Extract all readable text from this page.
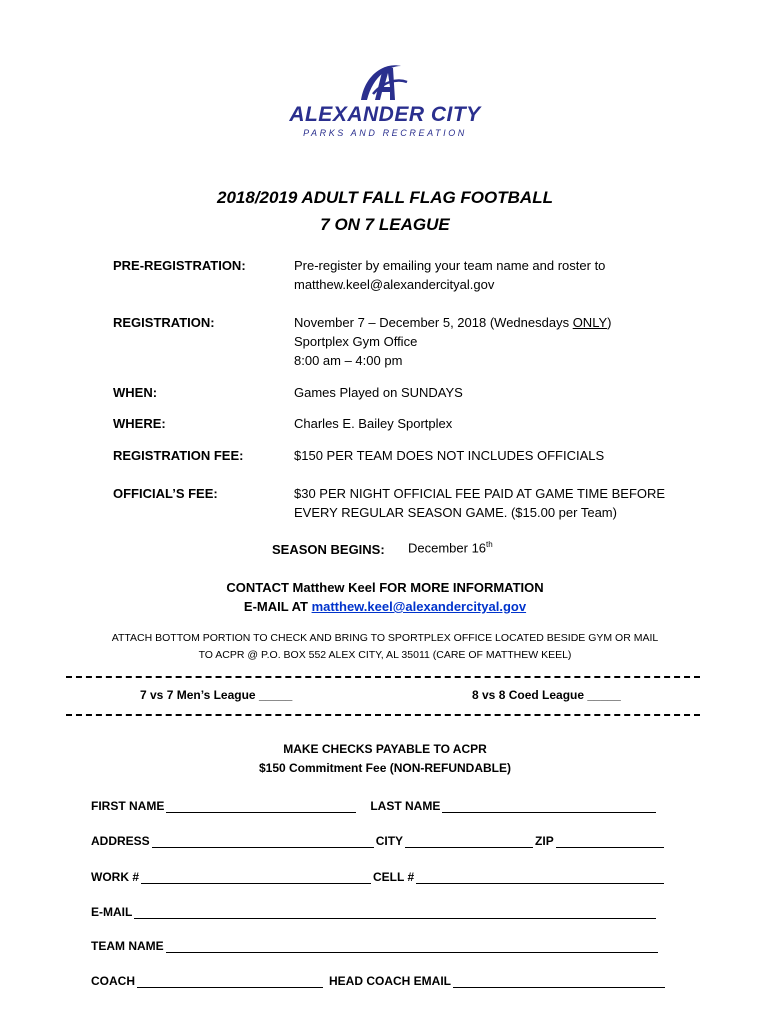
ALEXANDER CITY
PARKS AND RECREATION
2018/2019 ADULT FALL FLAG FOOTBALL
7 ON 7 LEAGUE
PRE-REGISTRATION:	Pre-register by emailing your team name and roster to
matthew.keel@alexandercityal.gov
REGISTRATION:	November 7 – December 5, 2018 (Wednesdays ONLY)
Sportplex Gym Office
8:00 am – 4:00 pm
WHEN:	Games Played on SUNDAYS
WHERE:	Charles E. Bailey Sportplex
REGISTRATION FEE:	$150 PER TEAM DOES NOT INCLUDES OFFICIALS
OFFICIAL’S FEE:	$30 PER NIGHT OFFICIAL FEE PAID AT GAME TIME BEFORE
EVERY REGULAR SEASON GAME. ($15.00 per Team)
SEASON BEGINS: December 16th
CONTACT Matthew Keel FOR MORE INFORMATION
E-MAIL AT matthew.keel@alexandercityal.gov
ATTACH BOTTOM PORTION TO CHECK AND BRING TO SPORTPLEX OFFICE LOCATED BESIDE GYM OR MAIL
TO ACPR @ P.O. BOX 552 ALEX CITY, AL 35011 (CARE OF MATTHEW KEEL)
7 vs 7 Men’s League _____	8 vs 8 Coed League _____
MAKE CHECKS PAYABLE TO ACPR
$150 Commitment Fee (NON-REFUNDABLE)
FIRST NAME	LAST NAME
ADDRESS	CITY	ZIP
WORK #	CELL #
E-MAIL
TEAM NAME
COACH	HEAD COACH EMAIL
